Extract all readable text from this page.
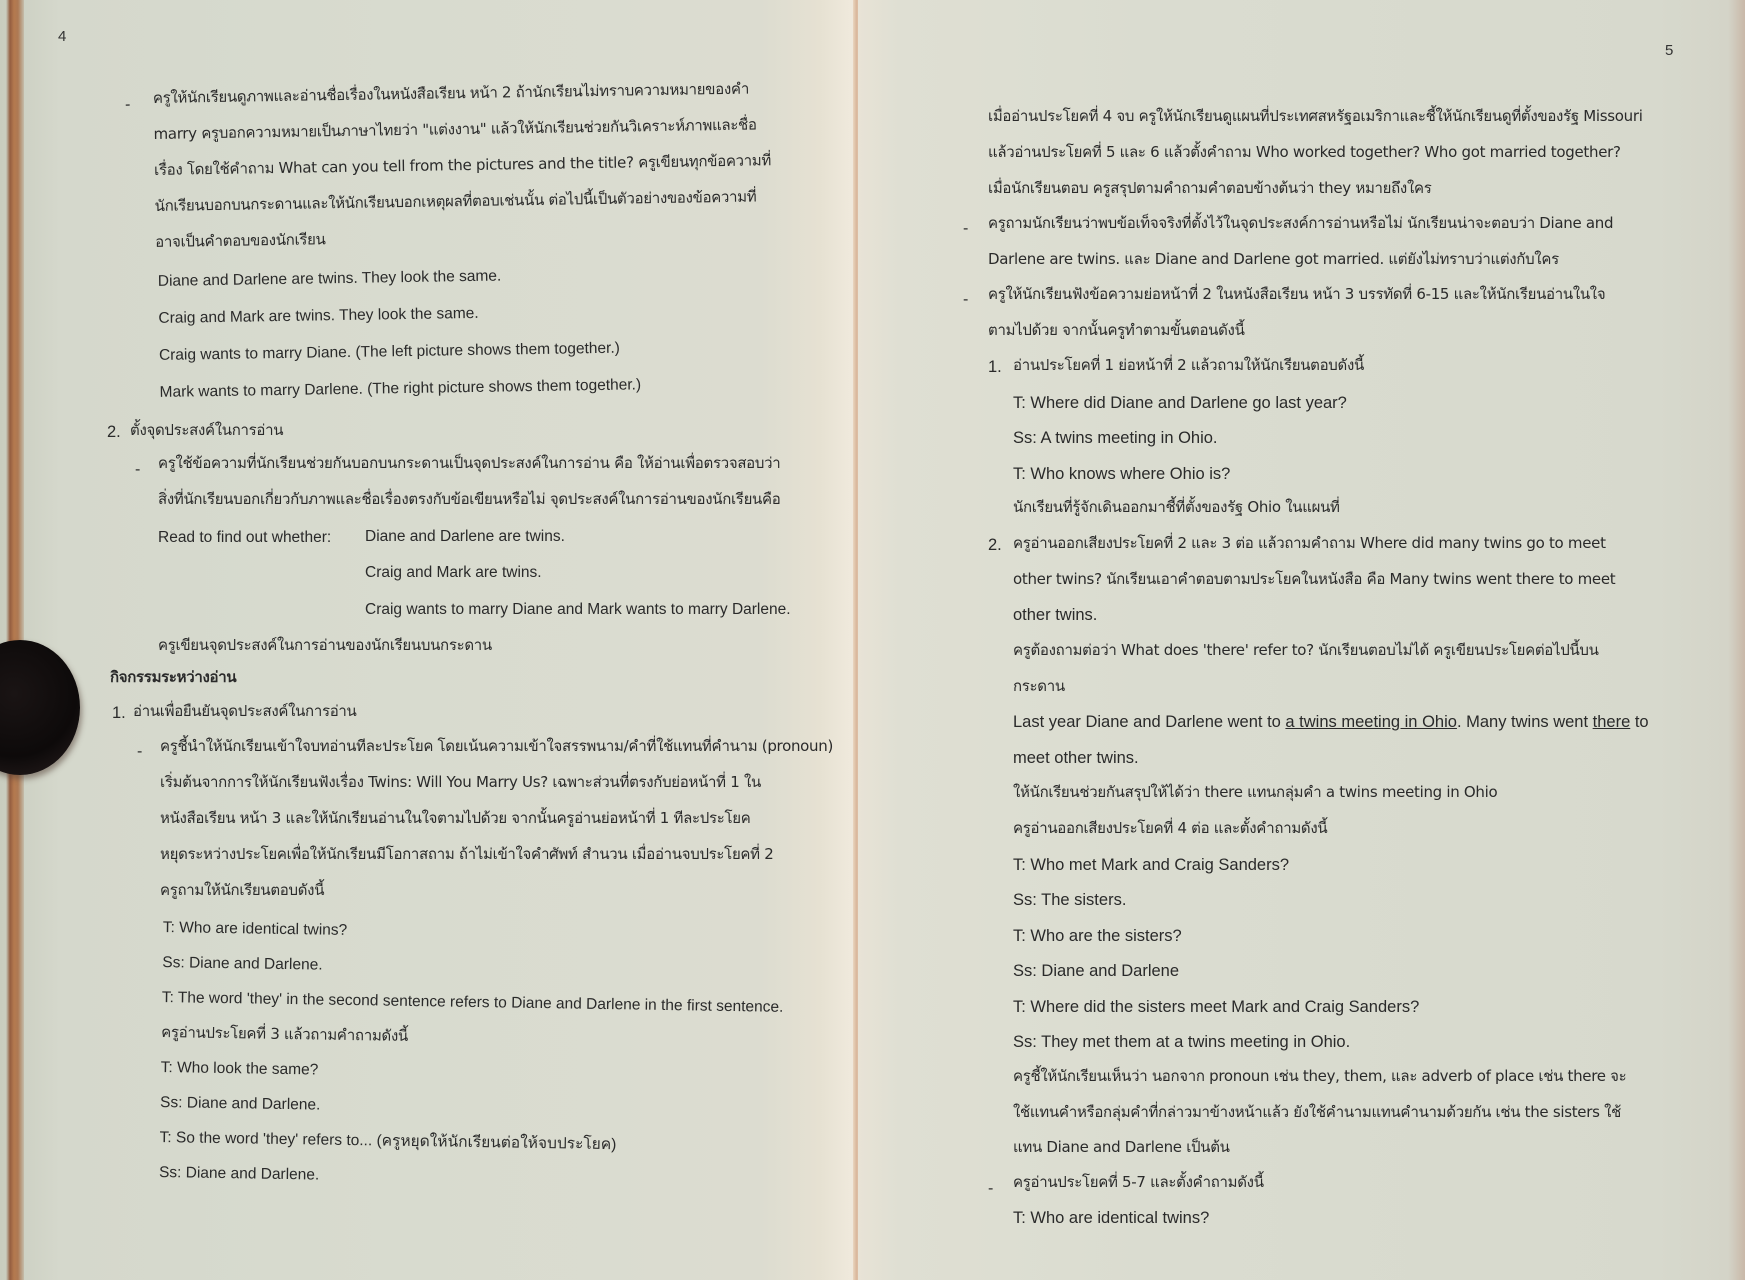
4
- ครูให้นักเรียนดูภาพและอ่านชื่อเรื่องในหนังสือเรียน หน้า 2 ถ้านักเรียนไม่ทราบความหมายของคำ
marry ครูบอกความหมายเป็นภาษาไทยว่า "แต่งงาน" แล้วให้นักเรียนช่วยกันวิเคราะห์ภาพและชื่อ
เรื่อง โดยใช้คำถาม What can you tell from the pictures and the title? ครูเขียนทุกข้อความที่
นักเรียนบอกบนกระดานและให้นักเรียนบอกเหตุผลที่ตอบเช่นนั้น ต่อไปนี้เป็นตัวอย่างของข้อความที่
อาจเป็นคำตอบของนักเรียน
Diane and Darlene are twins. They look the same.
Craig and Mark are twins. They look the same.
Craig wants to marry Diane. (The left picture shows them together.)
Mark wants to marry Darlene. (The right picture shows them together.)
2. ตั้งจุดประสงค์ในการอ่าน
- ครูใช้ข้อความที่นักเรียนช่วยกันบอกบนกระดานเป็นจุดประสงค์ในการอ่าน คือ ให้อ่านเพื่อตรวจสอบว่า
สิ่งที่นักเรียนบอกเกี่ยวกับภาพและชื่อเรื่องตรงกับข้อเขียนหรือไม่ จุดประสงค์ในการอ่านของนักเรียนคือ
Read to find out whether: Diane and Darlene are twins.
Craig and Mark are twins.
Craig wants to marry Diane and Mark wants to marry Darlene.
ครูเขียนจุดประสงค์ในการอ่านของนักเรียนบนกระดาน
กิจกรรมระหว่างอ่าน
1. อ่านเพื่อยืนยันจุดประสงค์ในการอ่าน
- ครูชี้นำให้นักเรียนเข้าใจบทอ่านทีละประโยค โดยเน้นความเข้าใจสรรพนาม/คำที่ใช้แทนที่คำนาม (pronoun)
เริ่มต้นจากการให้นักเรียนฟังเรื่อง Twins: Will You Marry Us? เฉพาะส่วนที่ตรงกับย่อหน้าที่ 1 ใน
หนังสือเรียน หน้า 3 และให้นักเรียนอ่านในใจตามไปด้วย จากนั้นครูอ่านย่อหน้าที่ 1 ทีละประโยค
หยุดระหว่างประโยคเพื่อให้นักเรียนมีโอกาสถาม ถ้าไม่เข้าใจคำศัพท์ สำนวน เมื่ออ่านจบประโยคที่ 2
ครูถามให้นักเรียนตอบดังนี้
T: Who are identical twins?
Ss: Diane and Darlene.
T: The word 'they' in the second sentence refers to Diane and Darlene in the first sentence.
ครูอ่านประโยคที่ 3 แล้วถามคำถามดังนี้
T: Who look the same?
Ss: Diane and Darlene.
T: So the word 'they' refers to... (ครูหยุดให้นักเรียนต่อให้จบประโยค)
Ss: Diane and Darlene.
5
เมื่ออ่านประโยคที่ 4 จบ ครูให้นักเรียนดูแผนที่ประเทศสหรัฐอเมริกาและชี้ให้นักเรียนดูที่ตั้งของรัฐ Missouri
แล้วอ่านประโยคที่ 5 และ 6 แล้วตั้งคำถาม Who worked together? Who got married together?
เมื่อนักเรียนตอบ ครูสรุปตามคำถามคำตอบข้างต้นว่า they หมายถึงใคร
- ครูถามนักเรียนว่าพบข้อเท็จจริงที่ตั้งไว้ในจุดประสงค์การอ่านหรือไม่ นักเรียนน่าจะตอบว่า Diane and
Darlene are twins. และ Diane and Darlene got married. แต่ยังไม่ทราบว่าแต่งกับใคร
- ครูให้นักเรียนฟังข้อความย่อหน้าที่ 2 ในหนังสือเรียน หน้า 3 บรรทัดที่ 6-15 และให้นักเรียนอ่านในใจ
ตามไปด้วย จากนั้นครูทำตามขั้นตอนดังนี้
1. อ่านประโยคที่ 1 ย่อหน้าที่ 2 แล้วถามให้นักเรียนตอบดังนี้
T: Where did Diane and Darlene go last year?
Ss: A twins meeting in Ohio.
T: Who knows where Ohio is?
นักเรียนที่รู้จักเดินออกมาชี้ที่ตั้งของรัฐ Ohio ในแผนที่
2. ครูอ่านออกเสียงประโยคที่ 2 และ 3 ต่อ แล้วถามคำถาม Where did many twins go to meet
other twins? นักเรียนเอาคำตอบตามประโยคในหนังสือ คือ Many twins went there to meet
other twins.
ครูต้องถามต่อว่า What does 'there' refer to? นักเรียนตอบไม่ได้ ครูเขียนประโยคต่อไปนี้บน
กระดาน
Last year Diane and Darlene went to a twins meeting in Ohio. Many twins went there to
meet other twins.
ให้นักเรียนช่วยกันสรุปให้ได้ว่า there แทนกลุ่มคำ a twins meeting in Ohio
ครูอ่านออกเสียงประโยคที่ 4 ต่อ และตั้งคำถามดังนี้
T: Who met Mark and Craig Sanders?
Ss: The sisters.
T: Who are the sisters?
Ss: Diane and Darlene
T: Where did the sisters meet Mark and Craig Sanders?
Ss: They met them at a twins meeting in Ohio.
ครูชี้ให้นักเรียนเห็นว่า นอกจาก pronoun เช่น they, them, และ adverb of place เช่น there จะ
ใช้แทนคำหรือกลุ่มคำที่กล่าวมาข้างหน้าแล้ว ยังใช้คำนามแทนคำนามด้วยกัน เช่น the sisters ใช้
แทน Diane and Darlene เป็นต้น
- ครูอ่านประโยคที่ 5-7 และตั้งคำถามดังนี้
T: Who are identical twins?
